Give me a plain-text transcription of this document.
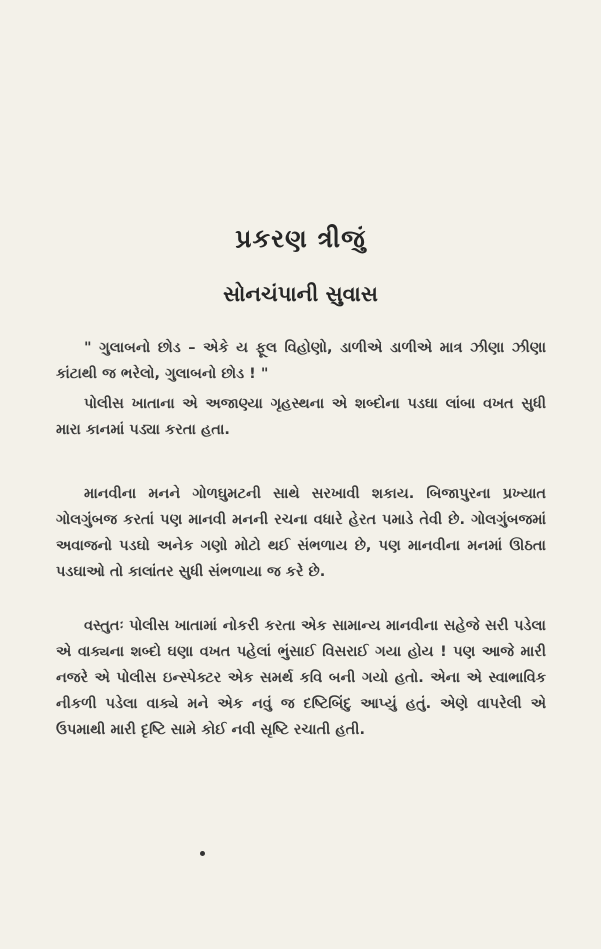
પ્રકરણ ત્રીજું
સોનચંપાની સુવાસ

" ગુલાબનો છોડ – એકે ય ફૂલ વિહોણો, ડાળીએ ડાળીએ માત્ર ઝીણા ઝીણા કાંટાથી જ ભરેલો, ગુલાબનો છોડ ! "

પોલીસ ખાતાના એ અજાણ્યા ગૃહસ્થના એ શબ્દોના પડઘા લાંબા વખત સુધી મારા કાનમાં પડ્યા કરતા હતા.

માનવીના મનને ગોળઘુમટની સાથે સરખાવી શકાય. બિજાપુરના પ્રખ્યાત ગોલગુંબજ કરતાં પણ માનવી મનની રચના વધારે હેરત પમાડે તેવી છે. ગોલગુંબજમાં અવાજનો પડઘો અનેક ગણો મોટો થઈ સંભળાય છે, પણ માનવીના મનમાં ઊઠતા પડઘાઓ તો કાલાંતર સુધી સંભળાયા જ કરે છે.

વસ્તુતઃ પોલીસ ખાતામાં નોકરી કરતા એક સામાન્ય માનવીના સહેજે સરી પડેલા એ વાક્યના શબ્દો ઘણા વખત પહેલાં ભુંસાઈ વિસરાઈ ગયા હોય ! પણ આજે મારી નજરે એ પોલીસ ઇન્સ્પેક્ટર એક સમર્થ કવિ બની ગયો હતો. એના એ સ્વાભાવિક નીકળી પડેલા વાક્યે મને એક નવું જ દષ્ટિબિંદુ આપ્યું હતું. એણે વાપરેલી એ ઉપમાથી મારી દૃષ્ટિ સામે કોઈ નવી સૃષ્ટિ રચાતી હતી.
